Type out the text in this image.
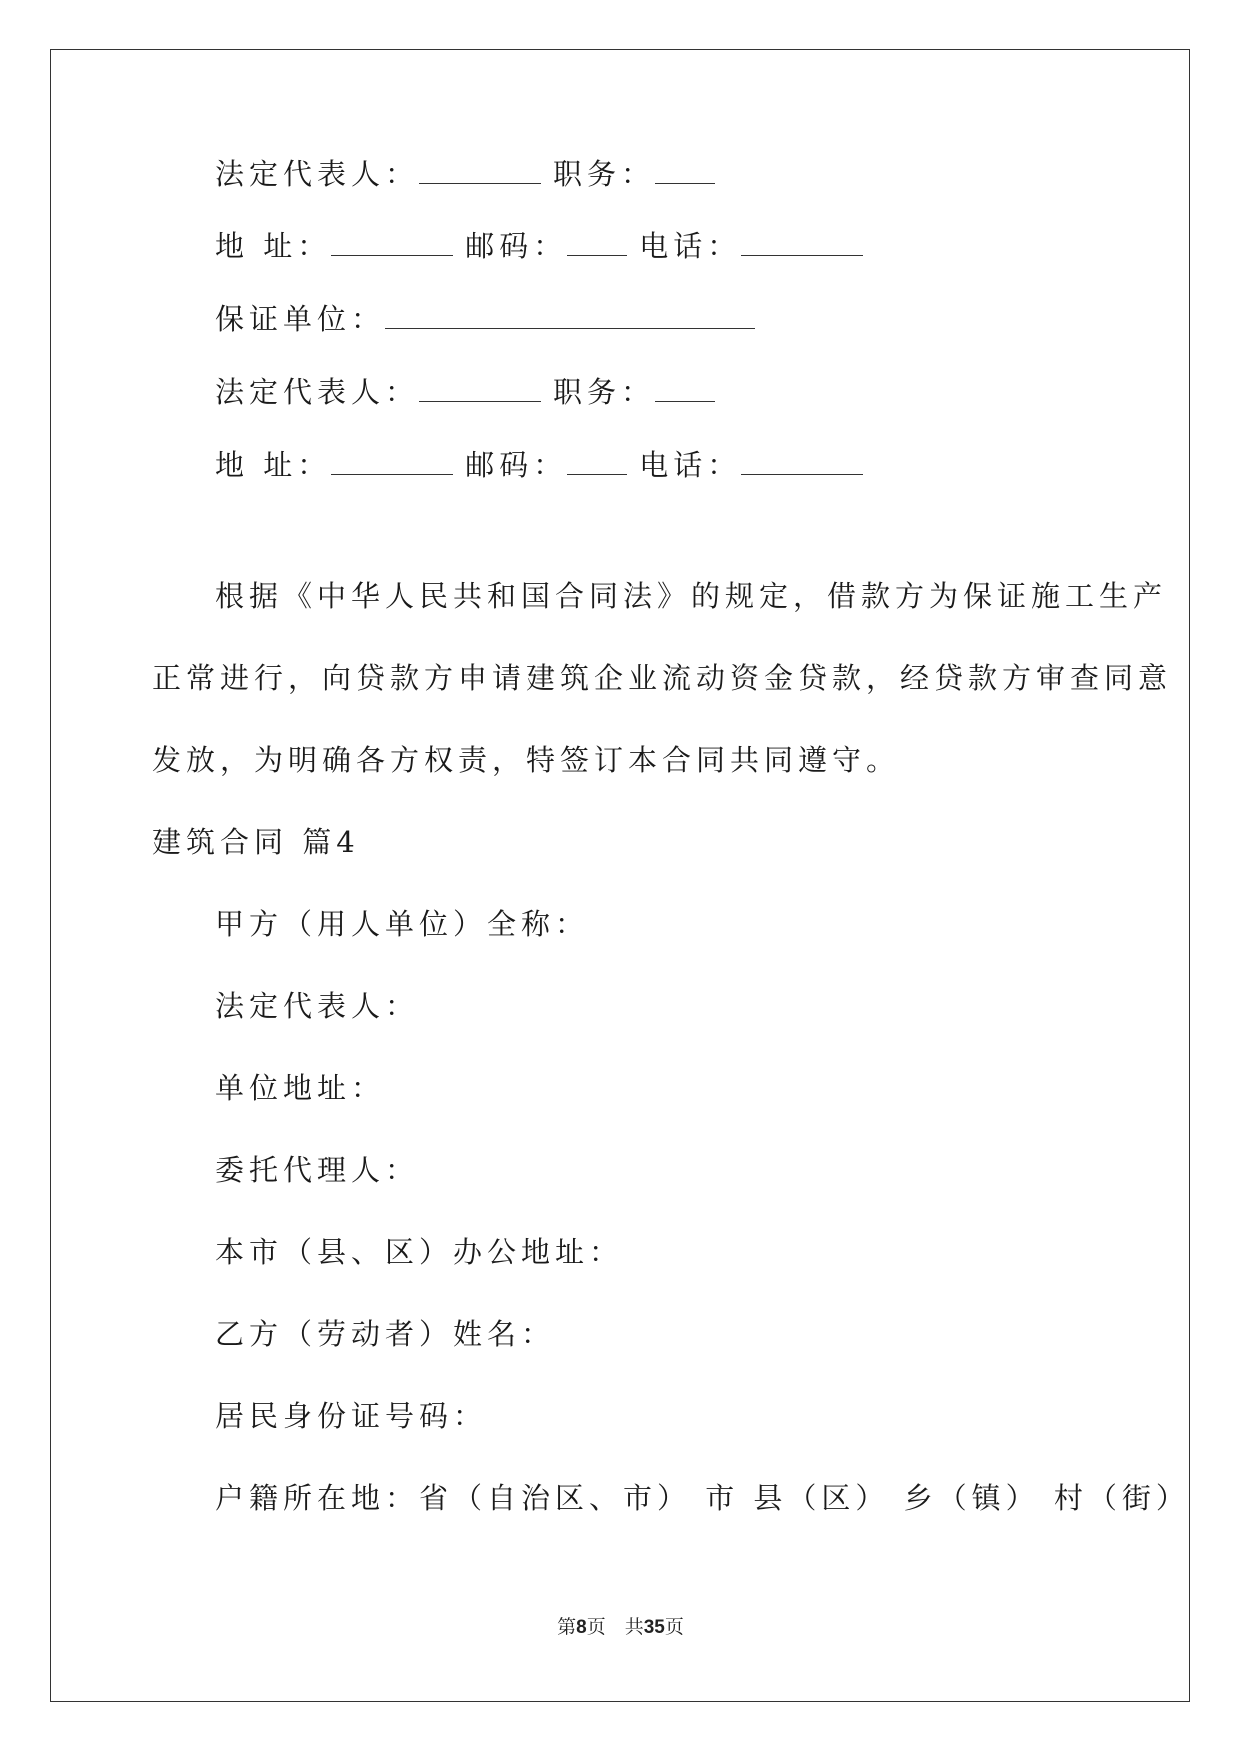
法定代表人：	职务：
地 址：	邮码： 电话：
保证单位：
法定代表人：	职务：
地 址：	邮码： 电话：
根据《中华人民共和国合同法》的规定，借款方为保证施工生产
正常进行，向贷款方申请建筑企业流动资金贷款，经贷款方审查同意
发放，为明确各方权责，特签订本合同共同遵守。
建筑合同 篇4
甲方（用人单位）全称：
法定代表人：
单位地址：
委托代理人：
本市（县、区）办公地址：
乙方（劳动者）姓名：
居民身份证号码：
户籍所在地：省（自治区、市） 市 县（区） 乡（镇） 村（街）
第8页　共35页
